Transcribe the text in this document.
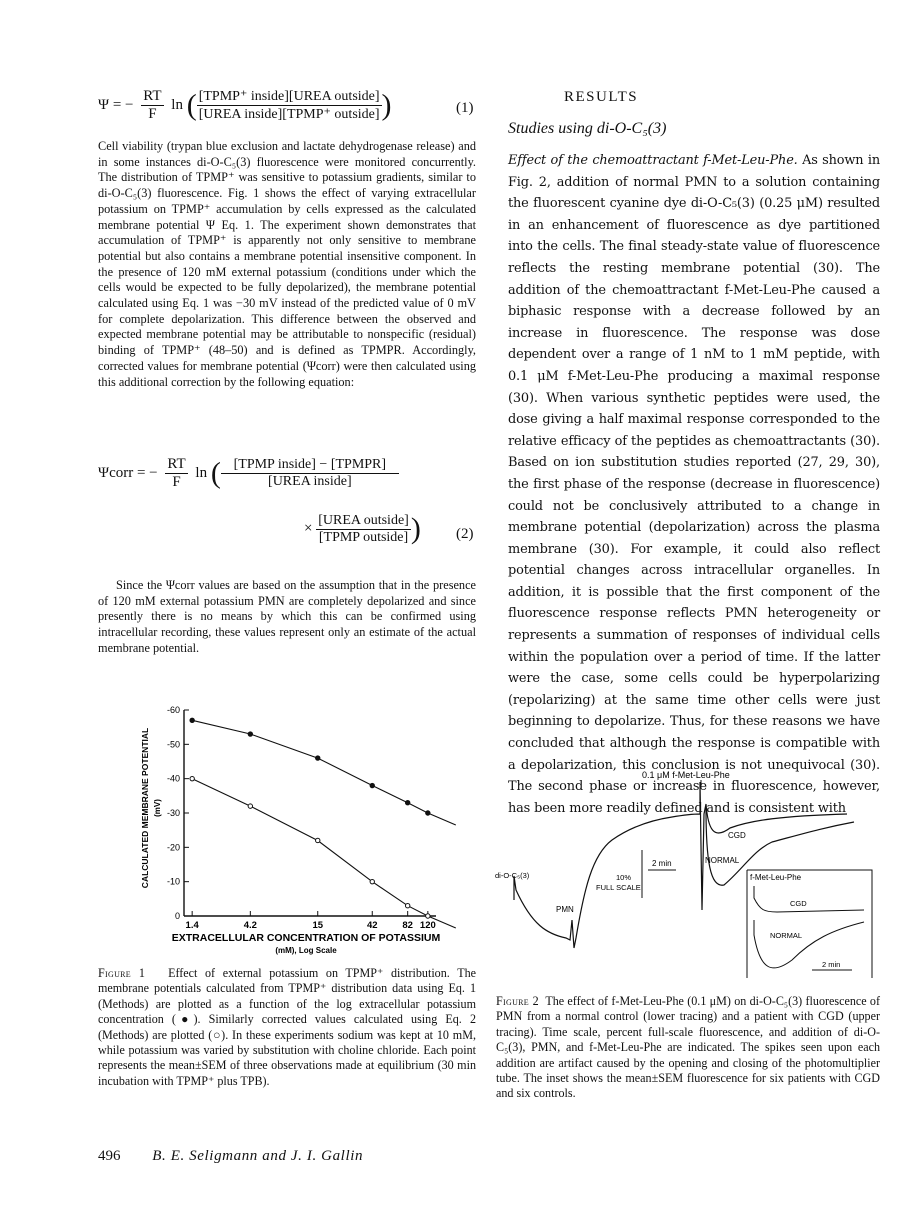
Ψ = − $\frac{RT}{F}$ ln ( $\frac{\text{[TPMP⁺ inside][UREA outside]}}{\text{[UREA inside][TPMP⁺ outside]}}$ )	(1)

Cell viability (trypan blue exclusion and lactate dehydrogenase release) and in some instances di-O-C₅(3) fluorescence were monitored concurrently. The distribution of TPMP⁺ was sensitive to potassium gradients, similar to di-O-C₅(3) fluorescence. Fig. 1 shows the effect of varying extracellular potassium on TPMP⁺ accumulation by cells expressed as the calculated membrane potential Ψ Eq. 1. The experiment shown demonstrates that accumulation of TPMP⁺ is apparently not only sensitive to membrane potential but also contains a membrane potential insensitive component. In the presence of 120 mM external potassium (conditions under which the cells would be expected to be fully depolarized), the membrane potential calculated using Eq. 1 was −30 mV instead of the predicted value of 0 mV for complete depolarization. This difference between the observed and expected membrane potential may be attributable to nonspecific (residual) binding of TPMP⁺ (48–50) and is defined as TPMPR. Accordingly, corrected values for membrane potential (Ψcorr) were then calculated using this additional correction by the following equation:

Ψcorr = − $\frac{RT}{F}$ ln ( $\frac{\text{[TPMP inside] − [TPMPR]}}{\text{[UREA inside]}}$
× $\frac{\text{[UREA outside]}}{\text{[TPMP outside]}}$ ) (2)

Since the Ψcorr values are based on the assumption that in the presence of 120 mM external potassium PMN are completely depolarized and since presently there is no means by which this can be confirmed using intracellular recording, these values represent only an estimate of the actual membrane potential.

-60
-50
-40
-30
-20
-10
0
1.4	4.2	15	42	82 120
EXTRACELLULAR CONCENTRATION OF POTASSIUM
(mM), Log Scale
CALCULATED MEMBRANE POTENTIAL (mV)

Figure 1 Effect of external potassium on TPMP⁺ distribution. The membrane potentials calculated from TPMP⁺ distribution data using Eq. 1 (Methods) are plotted as a function of the log extracellular potassium concentration (●). Similarly corrected values calculated using Eq. 2 (Methods) are plotted (○). In these experiments sodium was kept at 10 mM, while potassium was varied by substitution with choline chloride. Each point represents the mean±SEM of three observations made at equilibrium (30 min incubation with TPMP⁺ plus TPB).

RESULTS
Studies using di-O-C₅(3)

Effect of the chemoattractant f-Met-Leu-Phe. As shown in Fig. 2, addition of normal PMN to a solution containing the fluorescent cyanine dye di-O-C₅(3) (0.25 μM) resulted in an enhancement of fluorescence as dye partitioned into the cells. The final steady-state value of fluorescence reflects the resting membrane potential (30). The addition of the chemoattractant f-Met-Leu-Phe caused a biphasic response with a decrease followed by an increase in fluorescence. The response was dose dependent over a range of 1 nM to 1 mM peptide, with 0.1 μM f-Met-Leu-Phe producing a maximal response (30). When various synthetic peptides were used, the dose giving a half maximal response corresponded to the relative efficacy of the peptides as chemoattractants (30). Based on ion substitution studies reported (27, 29, 30), the first phase of the response (decrease in fluorescence) could not be conclusively attributed to a change in membrane potential (depolarization) across the plasma membrane (30). For example, it could also reflect potential changes across intracellular organelles. In addition, it is possible that the first component of the fluorescence response reflects PMN heterogeneity or represents a summation of responses of individual cells within the population over a period of time. If the latter were the case, some cells could be hyperpolarizing (repolarizing) at the same time other cells were just beginning to depolarize. Thus, for these reasons we have concluded that although the response is compatible with a depolarization, this conclusion is not unequivocal (30). The second phase or increase in fluorescence, however, has been more readily defined and is consistent with

0.1 μM f-Met-Leu-Phe
CGD
NORMAL
di-O-C₅(3)
PMN
2 min
10%
FULL SCALE
f-Met-Leu-Phe
CGD
NORMAL
2 min

Figure 2 The effect of f-Met-Leu-Phe (0.1 μM) on di-O-C₅(3) fluorescence of PMN from a normal control (lower tracing) and a patient with CGD (upper tracing). Time scale, percent full-scale fluorescence, and addition of di-O-C₅(3), PMN, and f-Met-Leu-Phe are indicated. The spikes seen upon each addition are artifact caused by the opening and closing of the photomultiplier tube. The inset shows the mean±SEM fluorescence for six patients with CGD and six controls.

496 B. E. Seligmann and J. I. Gallin
